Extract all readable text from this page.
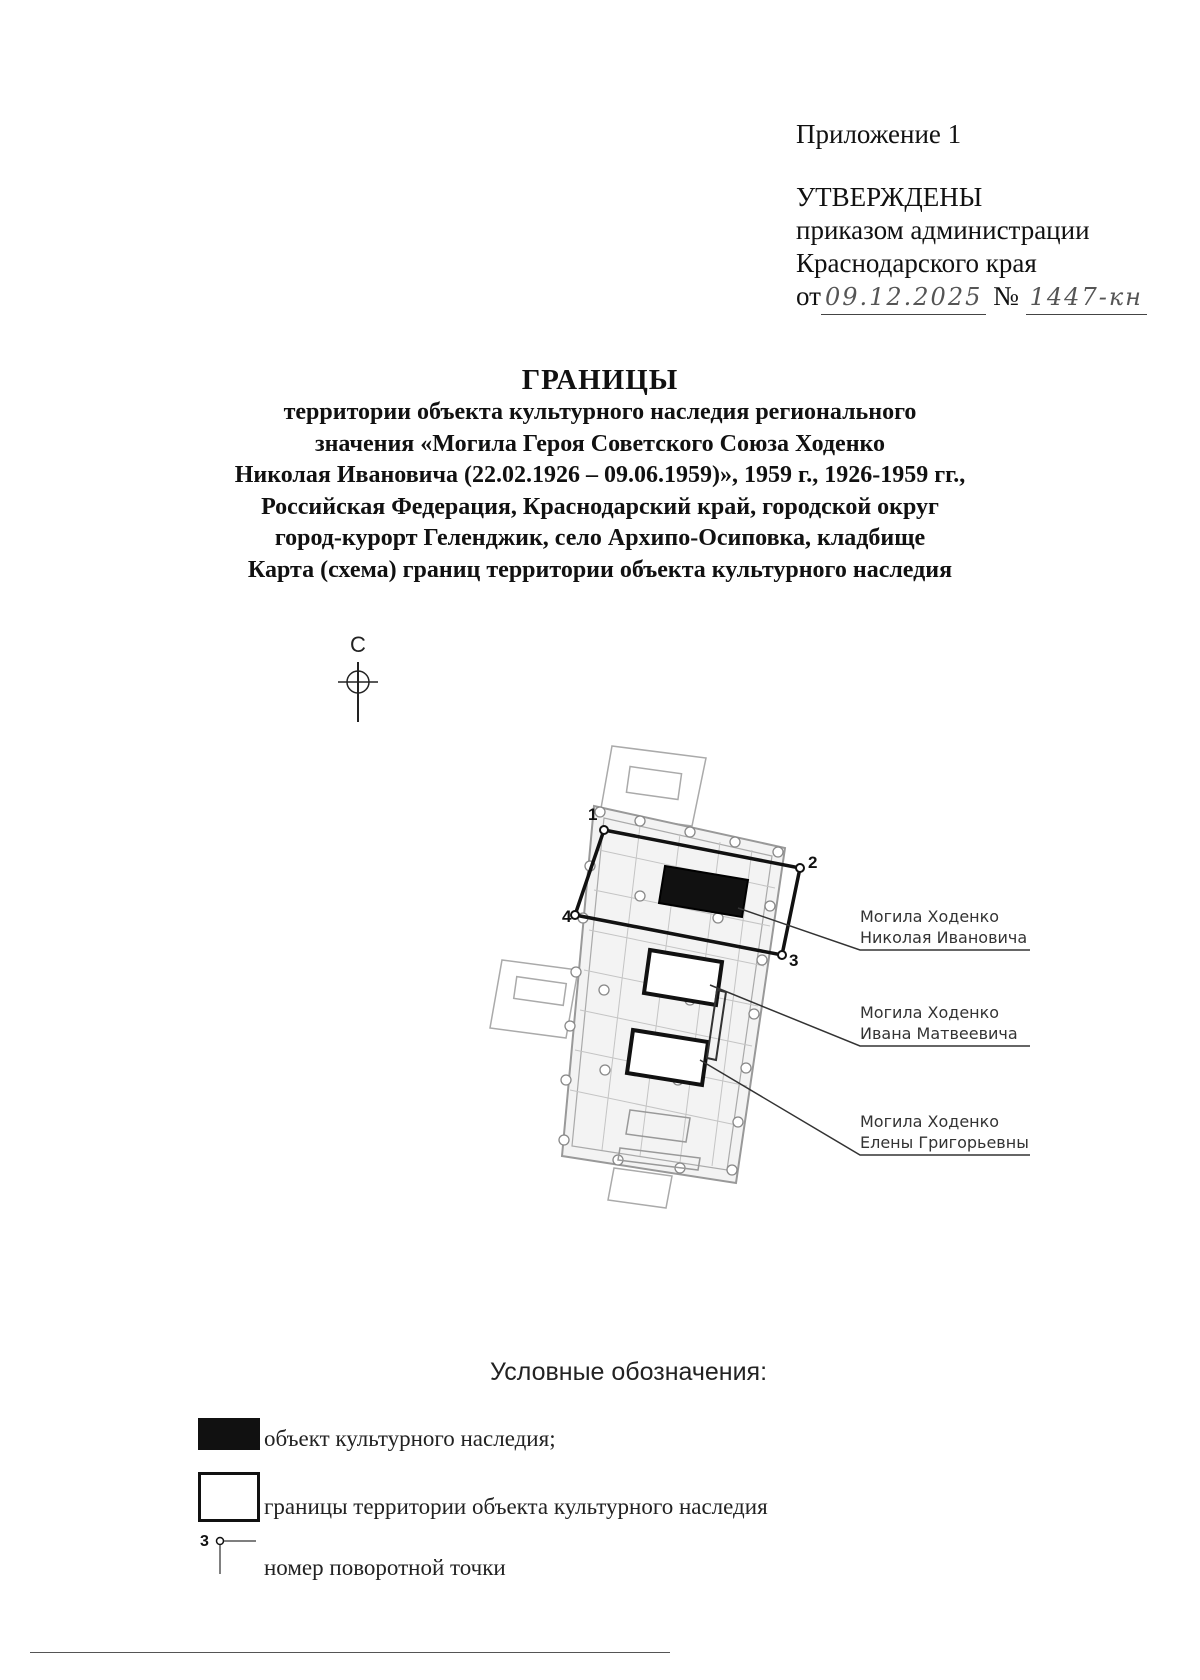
Приложение 1
УТВЕРЖДЕНЫ
приказом администрации
Краснодарского края
от 09.12.2025 № 1447-кн
ГРАНИЦЫ
территории объекта культурного наследия регионального
значения «Могила Героя Советского Союза Ходенко
Николая Ивановича (22.02.1926 – 09.06.1959)», 1959 г., 1926-1959 гг.,
Российская Федерация, Краснодарский край, городской округ
город-курорт Геленджик, село Архипо-Осиповка, кладбище
Карта (схема) границ территории объекта культурного наследия
С
1
2
3
4	Могила Ходенко
Николая Ивановича
Могила Ходенко
Ивана Матвеевича
Могила Ходенко
Елены Григорьевны
Условные обозначения:
объект культурного наследия;
границы территории объекта культурного наследия
3
номер поворотной точки
